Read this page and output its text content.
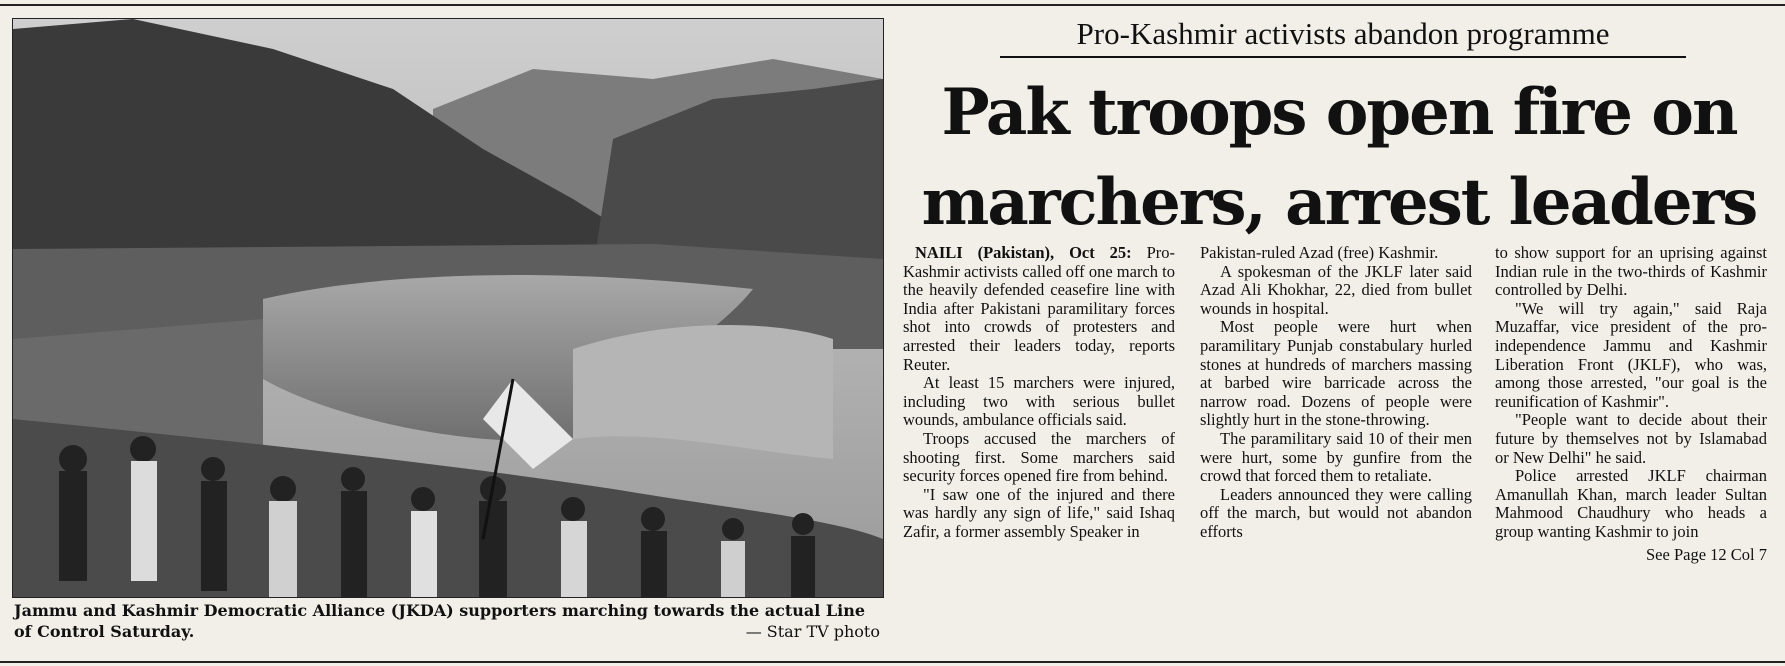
Jammu and Kashmir Democratic Alliance (JKDA) supporters marching towards the actual Line of Control Saturday.	— Star TV photo
Pro-Kashmir activists abandon programme
Pak troops open fire on
marchers, arrest leaders

NAILI (Pakistan), Oct 25: Pro-Kashmir activists called off one march to the heavily defended ceasefire line with India after Pakistani paramilitary forces shot into crowds of protesters and arrested their leaders today, reports Reuter.

At least 15 marchers were injured, including two with serious bullet wounds, ambulance officials said.

Troops accused the marchers of shooting first. Some marchers said security forces opened fire from behind.

"I saw one of the injured and there was hardly any sign of life," said Ishaq Zafir, a former assembly Speaker in

Pakistan-ruled Azad (free) Kashmir.

A spokesman of the JKLF later said Azad Ali Khokhar, 22, died from bullet wounds in hospital.

Most people were hurt when paramilitary Punjab constabulary hurled stones at hundreds of marchers massing at barbed wire barricade across the narrow road. Dozens of people were slightly hurt in the stone-throwing.

The paramilitary said 10 of their men were hurt, some by gunfire from the crowd that forced them to retaliate.

Leaders announced they were calling off the march, but would not abandon efforts

to show support for an uprising against Indian rule in the two-thirds of Kashmir controlled by Delhi.

"We will try again," said Raja Muzaffar, vice president of the pro-independence Jammu and Kashmir Liberation Front (JKLF), who was, among those arrested, "our goal is the reunification of Kashmir".

"People want to decide about their future by themselves not by Islamabad or New Delhi" he said.

Police arrested JKLF chairman Amanullah Khan, march leader Sultan Mahmood Chaudhury who heads a group wanting Kashmir to join

See Page 12 Col 7
